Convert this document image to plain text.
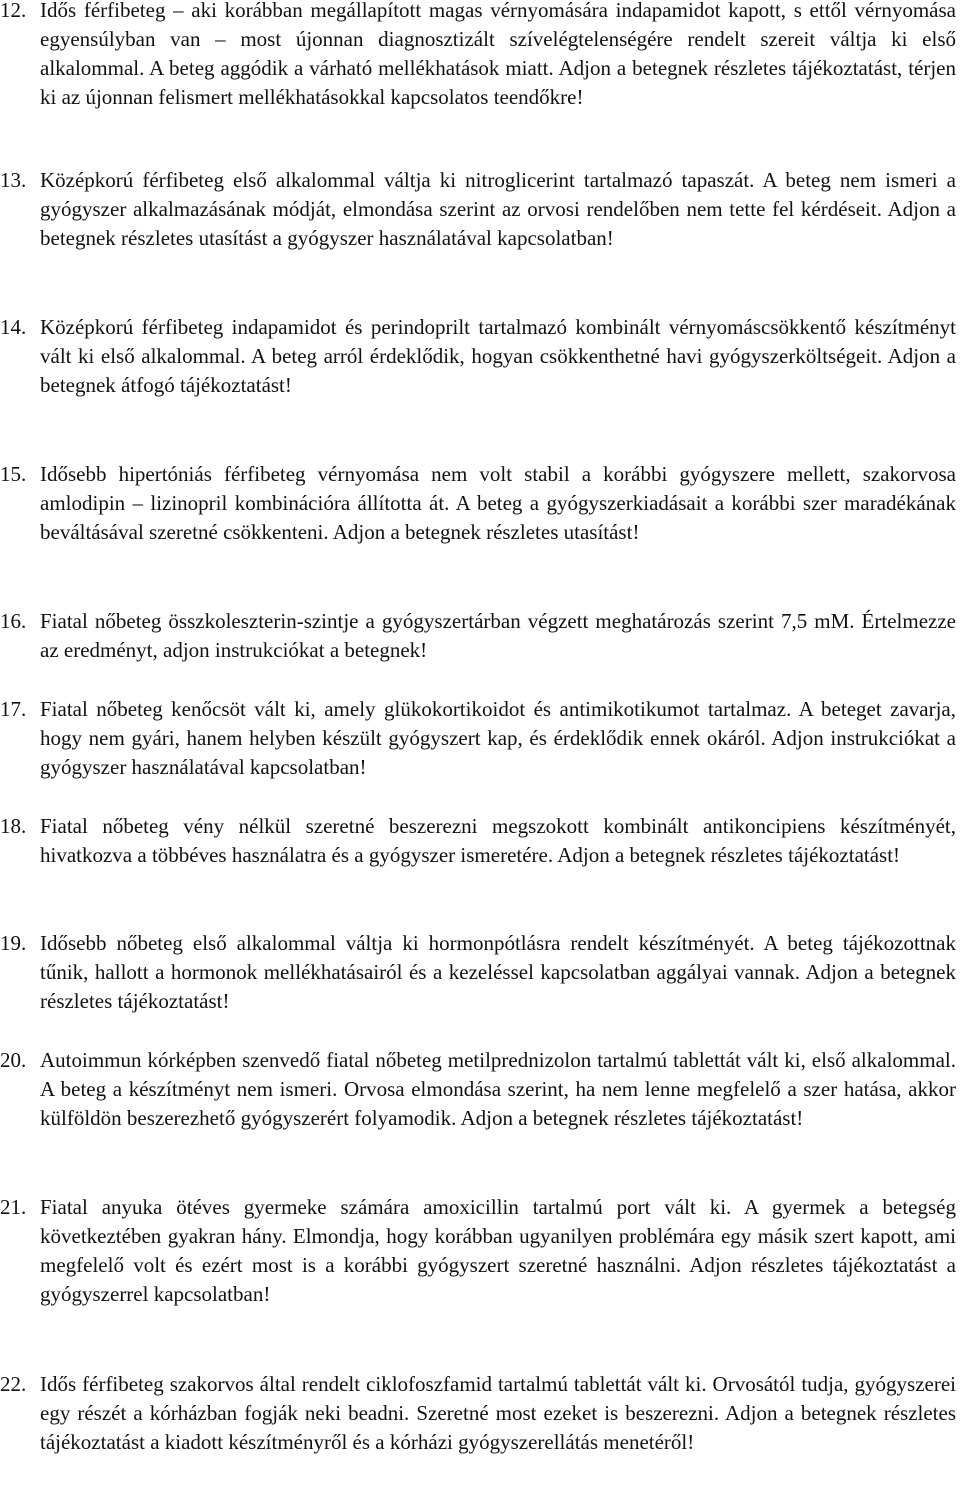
12. Idős férfibeteg – aki korábban megállapított magas vérnyomására indapamidot kapott, s ettől vérnyomása egyensúlyban van – most újonnan diagnosztizált szívelégtelenségére rendelt szereit váltja ki első alkalommal. A beteg aggódik a várható mellékhatások miatt. Adjon a betegnek részletes tájékoztatást, térjen ki az újonnan felismert mellékhatásokkal kapcsolatos teendőkre!
13. Középkorú férfibeteg első alkalommal váltja ki nitroglicerint tartalmazó tapaszát. A beteg nem ismeri a gyógyszer alkalmazásának módját, elmondása szerint az orvosi rendelőben nem tette fel kérdéseit. Adjon a betegnek részletes utasítást a gyógyszer használatával kapcsolatban!
14. Középkorú férfibeteg indapamidot és perindoprilt tartalmazó kombinált vérnyomáscsökkentő készítményt vált ki első alkalommal. A beteg arról érdeklődik, hogyan csökkenthetné havi gyógyszerköltségeit. Adjon a betegnek átfogó tájékoztatást!
15. Idősebb hipertóniás férfibeteg vérnyomása nem volt stabil a korábbi gyógyszere mellett, szakorvosa amlodipin – lizinopril kombinációra állította át. A beteg a gyógyszerkiadásait a korábbi szer maradékának beváltásával szeretné csökkenteni. Adjon a betegnek részletes utasítást!
16. Fiatal nőbeteg összkoleszterin-szintje a gyógyszertárban végzett meghatározás szerint 7,5 mM. Értelmezze az eredményt, adjon instrukciókat a betegnek!
17. Fiatal nőbeteg kenőcsöt vált ki, amely glükokortikoidot és antimikotikumot tartalmaz. A beteget zavarja, hogy nem gyári, hanem helyben készült gyógyszert kap, és érdeklődik ennek okáról. Adjon instrukciókat a gyógyszer használatával kapcsolatban!
18. Fiatal nőbeteg vény nélkül szeretné beszerezni megszokott kombinált antikoncipiens készítményét, hivatkozva a többéves használatra és a gyógyszer ismeretére. Adjon a betegnek részletes tájékoztatást!
19. Idősebb nőbeteg első alkalommal váltja ki hormonpótlásra rendelt készítményét. A beteg tájékozottnak tűnik, hallott a hormonok mellékhatásairól és a kezeléssel kapcsolatban aggályai vannak. Adjon a betegnek részletes tájékoztatást!
20. Autoimmun kórképben szenvedő fiatal nőbeteg metilprednizolon tartalmú tablettát vált ki, első alkalommal. A beteg a készítményt nem ismeri. Orvosa elmondása szerint, ha nem lenne megfelelő a szer hatása, akkor külföldön beszerezhető gyógyszerért folyamodik. Adjon a betegnek részletes tájékoztatást!
21. Fiatal anyuka ötéves gyermeke számára amoxicillin tartalmú port vált ki. A gyermek a betegség következtében gyakran hány. Elmondja, hogy korábban ugyanilyen problémára egy másik szert kapott, ami megfelelő volt és ezért most is a korábbi gyógyszert szeretné használni. Adjon részletes tájékoztatást a gyógyszerrel kapcsolatban!
22. Idős férfibeteg szakorvos által rendelt ciklofoszfamid tartalmú tablettát vált ki. Orvosától tudja, gyógyszerei egy részét a kórházban fogják neki beadni. Szeretné most ezeket is beszerezni. Adjon a betegnek részletes tájékoztatást a kiadott készítményről és a kórházi gyógyszerellátás menetéről!
